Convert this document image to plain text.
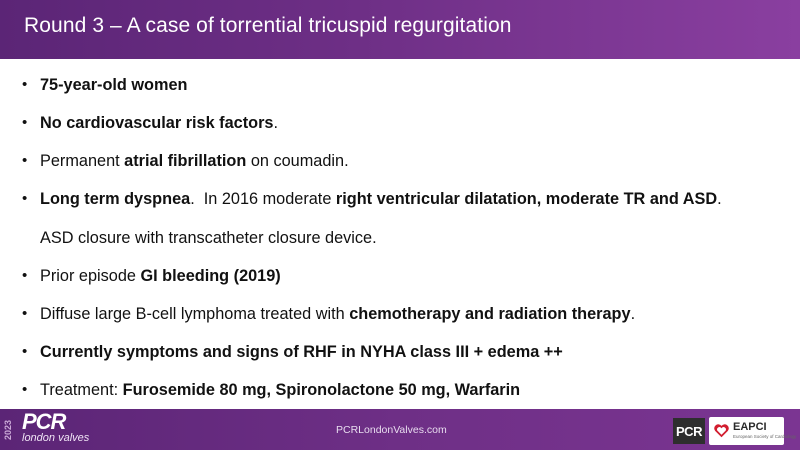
Round 3 – A case of torrential tricuspid regurgitation
• 75-year-old women
• No cardiovascular risk factors.
• Permanent atrial fibrillation on coumadin.
• Long term dyspnea.  In 2016 moderate right ventricular dilatation, moderate TR and ASD.
ASD closure with transcatheter closure device.
• Prior episode GI bleeding (2019)
• Diffuse large B-cell lymphoma treated with chemotherapy and radiation therapy.
• Currently symptoms and signs of RHF in NYHA class III + edema ++
• Treatment: Furosemide 80 mg, Spironolactone 50 mg, Warfarin
2023 PCR
london valves
PCRLondonValves.com	PCR	EAPCI
European Society of Cardiology
